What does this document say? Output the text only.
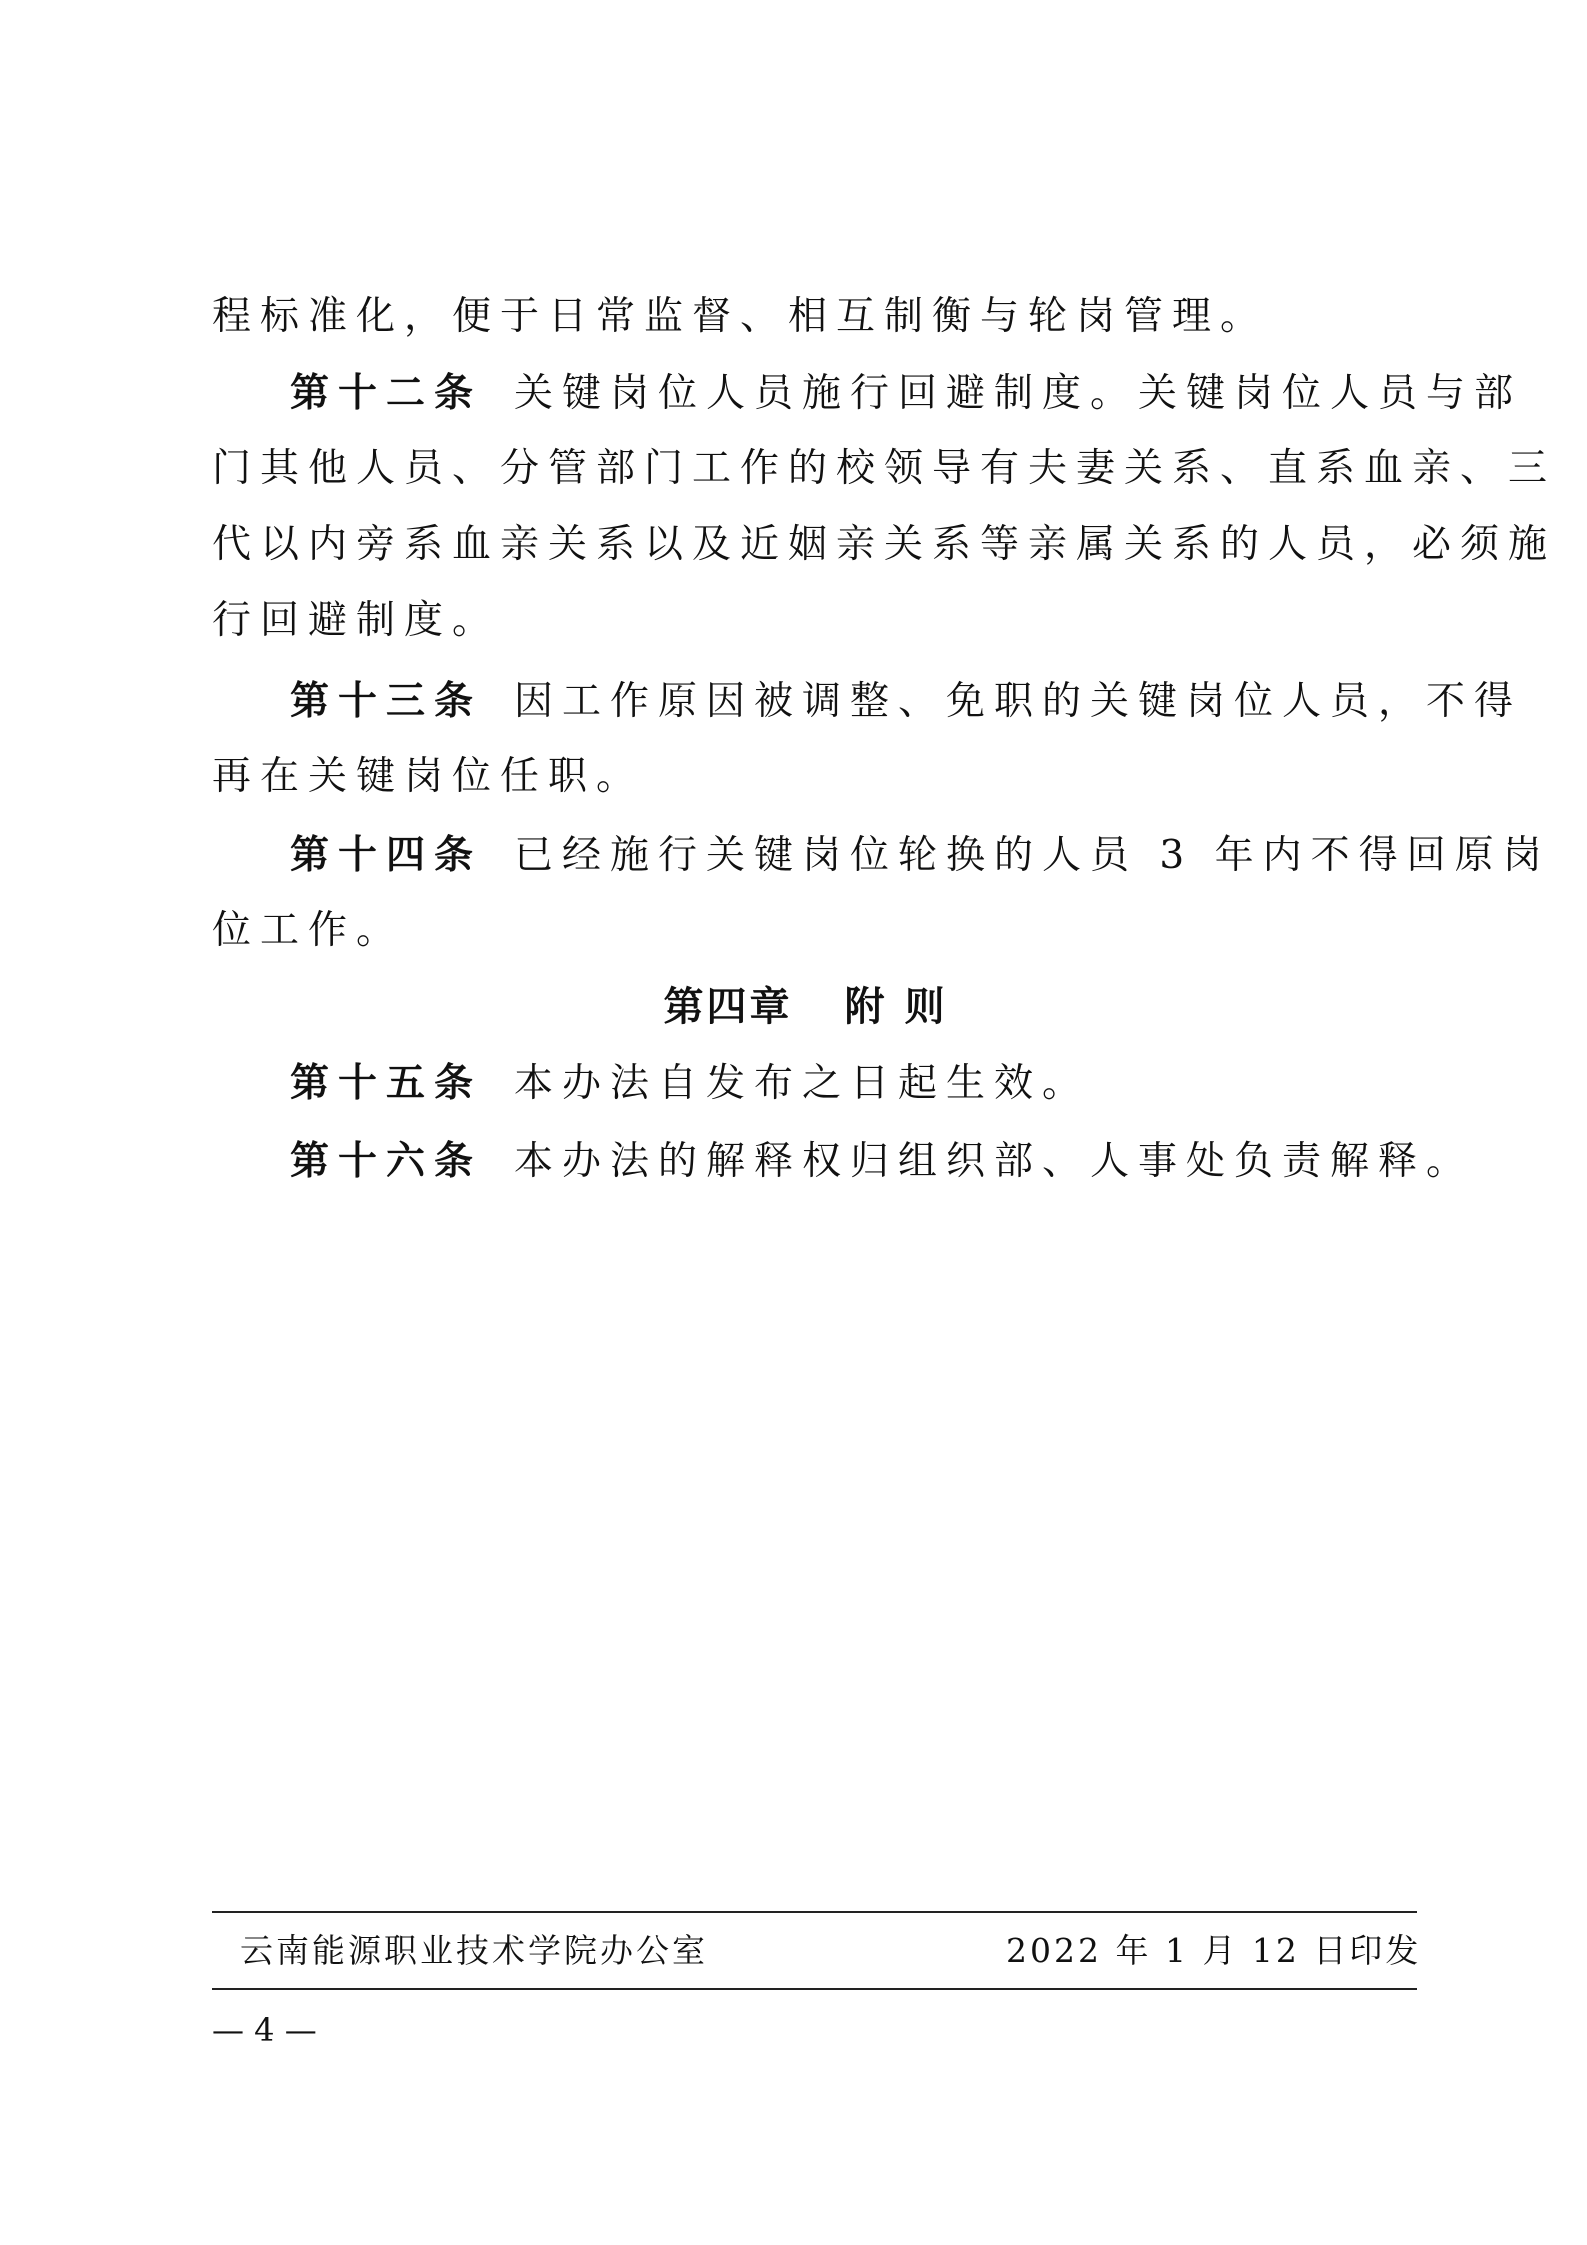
程标准化，便于日常监督、相互制衡与轮岗管理。
第十二条 关键岗位人员施行回避制度。关键岗位人员与部
门其他人员、分管部门工作的校领导有夫妻关系、直系血亲、三
代以内旁系血亲关系以及近姻亲关系等亲属关系的人员，必须施
行回避制度。
第十三条 因工作原因被调整、免职的关键岗位人员，不得
再在关键岗位任职。
第十四条 已经施行关键岗位轮换的人员 3 年内不得回原岗
位工作。
第四章 附 则
第十五条 本办法自发布之日起生效。
第十六条 本办法的解释权归组织部、人事处负责解释。
云南能源职业技术学院办公室	2022 年 1 月 12 日印发
— 4 —
